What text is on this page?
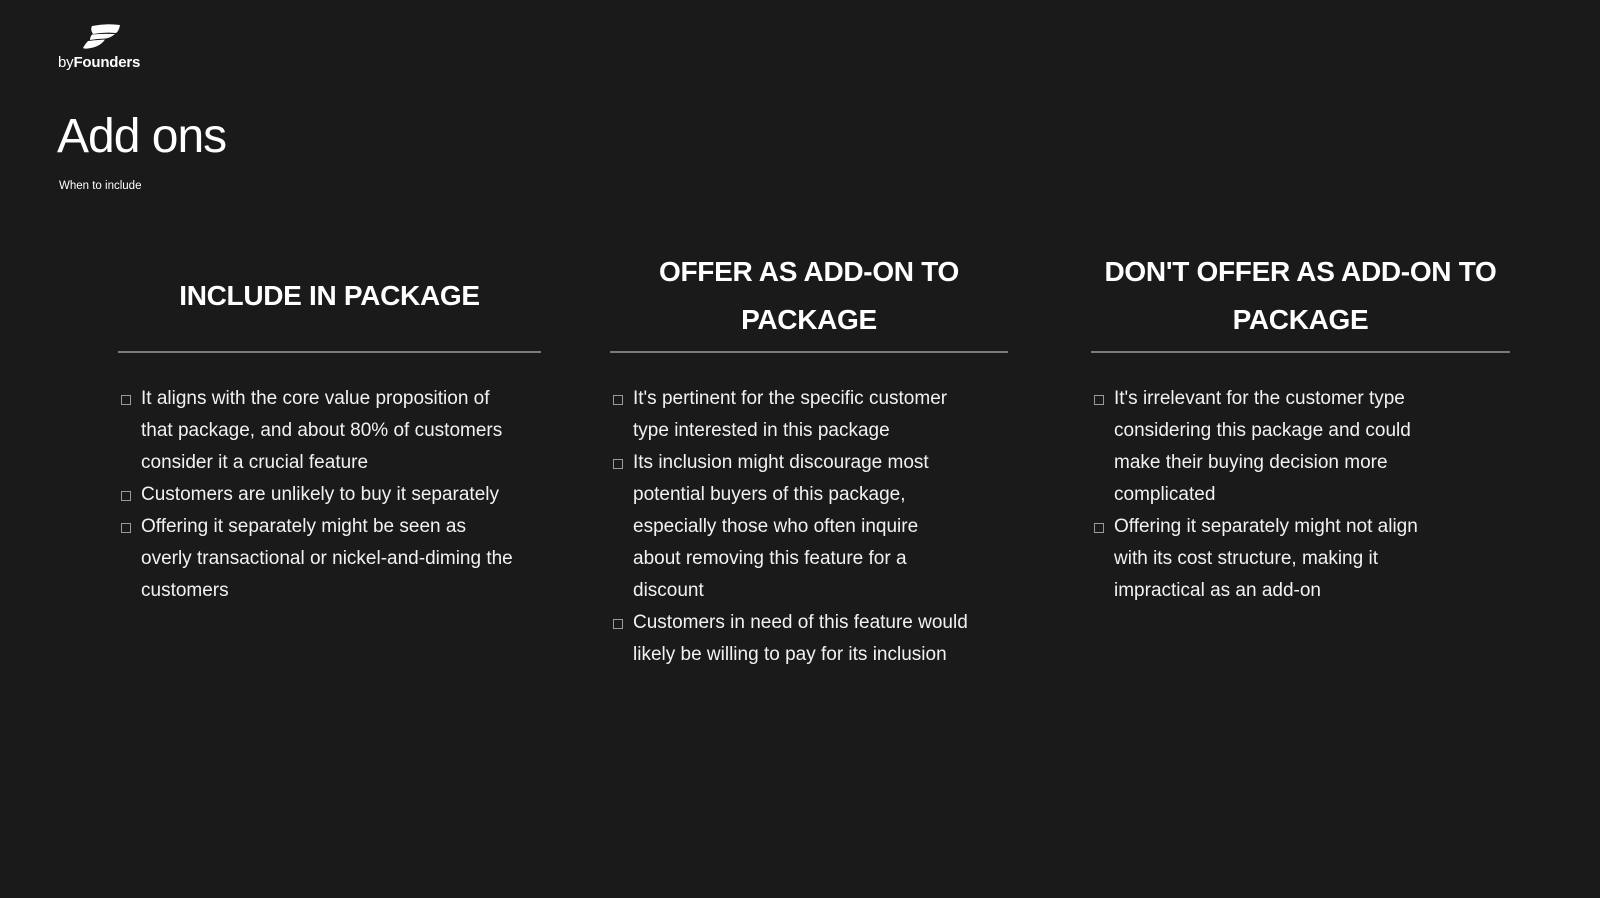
byFounders
Add ons
When to include
INCLUDE IN PACKAGE
It aligns with the core value proposition of that package, and about 80% of customers consider it a crucial feature
Customers are unlikely to buy it separately
Offering it separately might be seen as overly transactional or nickel-and-diming the customers
OFFER AS ADD-ON TO PACKAGE
It's pertinent for the specific customer type interested in this package
Its inclusion might discourage most potential buyers of this package, especially those who often inquire about removing this feature for a discount
Customers in need of this feature would likely be willing to pay for its inclusion
DON'T OFFER AS ADD-ON TO PACKAGE
It's irrelevant for the customer type considering this package and could make their buying decision more complicated
Offering it separately might not align with its cost structure, making it impractical as an add-on
